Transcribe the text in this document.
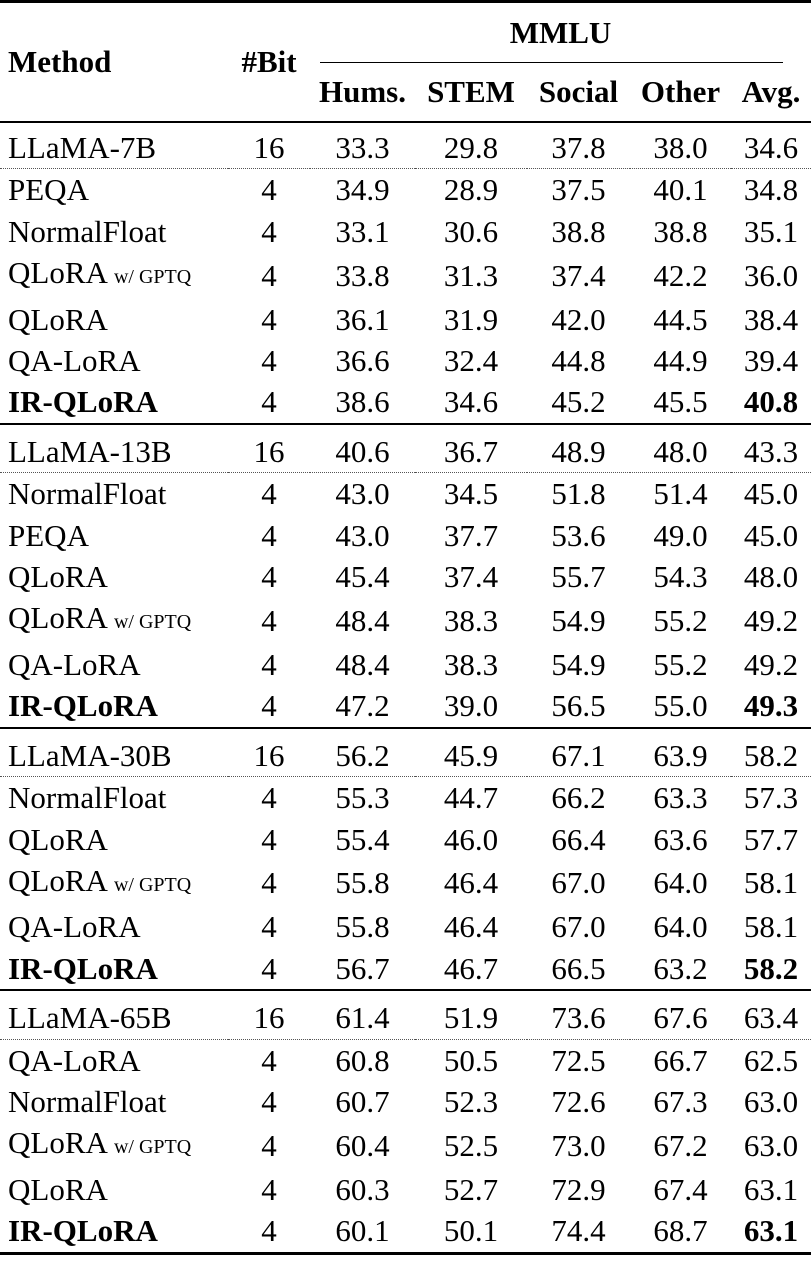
Method	#Bit	MMLU				

		Hums.	STEM	Social	Other	Avg.
LLaMA-7B	16	33.3	29.8	37.8	38.0	34.6
PEQA	4	34.9	28.9	37.5	40.1	34.8
NormalFloat	4	33.1	30.6	38.8	38.8	35.1
QLoRA w/ GPTQ	4	33.8	31.3	37.4	42.2	36.0
QLoRA	4	36.1	31.9	42.0	44.5	38.4
QA-LoRA	4	36.6	32.4	44.8	44.9	39.4
IR-QLoRA	4	38.6	34.6	45.2	45.5	40.8
LLaMA-13B	16	40.6	36.7	48.9	48.0	43.3
NormalFloat	4	43.0	34.5	51.8	51.4	45.0
PEQA	4	43.0	37.7	53.6	49.0	45.0
QLoRA	4	45.4	37.4	55.7	54.3	48.0
QLoRA w/ GPTQ	4	48.4	38.3	54.9	55.2	49.2
QA-LoRA	4	48.4	38.3	54.9	55.2	49.2
IR-QLoRA	4	47.2	39.0	56.5	55.0	49.3
LLaMA-30B	16	56.2	45.9	67.1	63.9	58.2
NormalFloat	4	55.3	44.7	66.2	63.3	57.3
QLoRA	4	55.4	46.0	66.4	63.6	57.7
QLoRA w/ GPTQ	4	55.8	46.4	67.0	64.0	58.1
QA-LoRA	4	55.8	46.4	67.0	64.0	58.1
IR-QLoRA	4	56.7	46.7	66.5	63.2	58.2
LLaMA-65B	16	61.4	51.9	73.6	67.6	63.4
QA-LoRA	4	60.8	50.5	72.5	66.7	62.5
NormalFloat	4	60.7	52.3	72.6	67.3	63.0
QLoRA w/ GPTQ	4	60.4	52.5	73.0	67.2	63.0
QLoRA	4	60.3	52.7	72.9	67.4	63.1
IR-QLoRA	4	60.1	50.1	74.4	68.7	63.1
